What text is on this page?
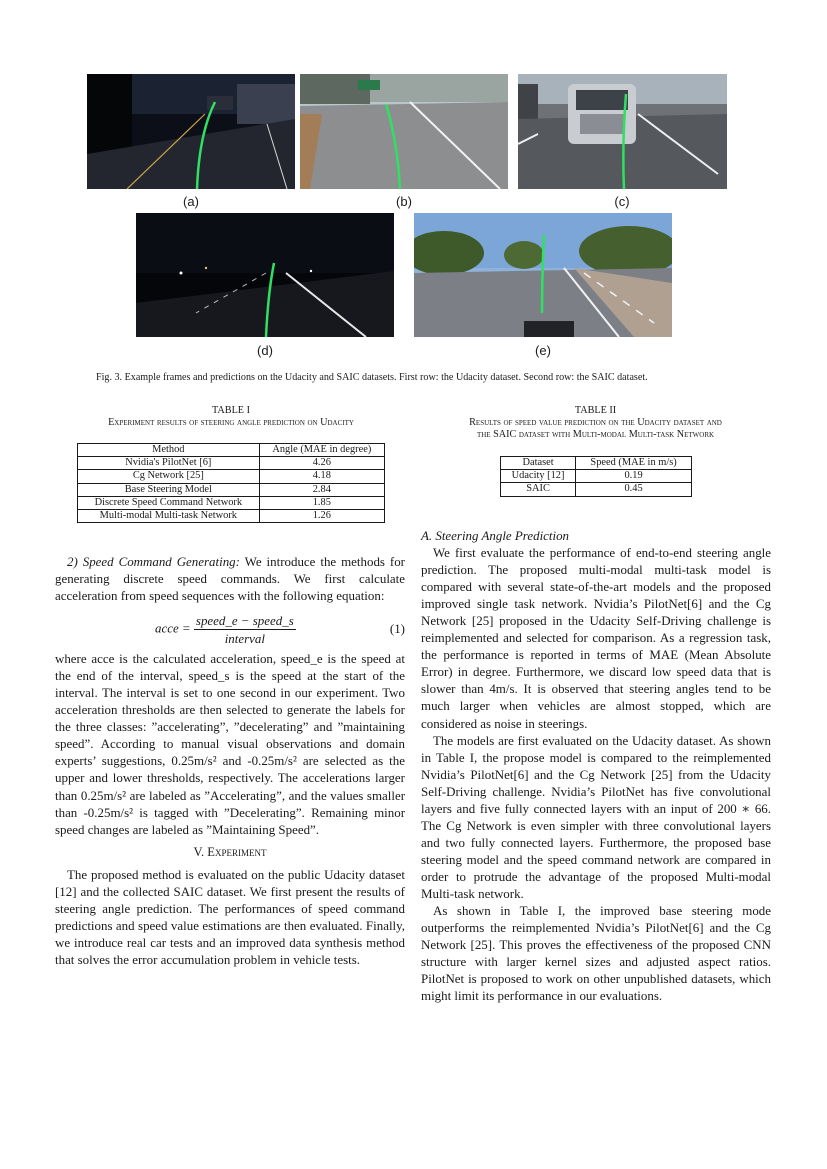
(a)	(b)	(c)
(d)	(e)
Fig. 3. Example frames and predictions on the Udacity and SAIC datasets. First row: the Udacity dataset. Second row: the SAIC dataset.
TABLE I
Experiment results of steering angle prediction on Udacity
Method	Angle (MAE in degree)
Nvidia's PilotNet [6]	4.26
Cg Network [25]	4.18
Base Steering Model	2.84
Discrete Speed Command Network	1.85
Multi-modal Multi-task Network	1.26
TABLE II
Results of speed value prediction on the Udacity dataset and
the SAIC dataset with Multi-modal Multi-task Network
Dataset	Speed (MAE in m/s)
Udacity [12]	0.19
SAIC	0.45

2) Speed Command Generating: We introduce the methods for generating discrete speed commands. We first calculate acceleration from speed sequences with the following equation:

acce = $\frac{\text{speed\_e − speed\_s}}{\text{interval}}$	(1)

where acce is the calculated acceleration, speed_e is the speed at the end of the interval, speed_s is the speed at the start of the interval. The interval is set to one second in our experiment. Two acceleration thresholds are then selected to generate the labels for the three classes: ”accelerating”, ”decelerating” and ”maintaining speed”. According to manual visual observations and domain experts’ suggestions, 0.25m/s² and -0.25m/s² are selected as the upper and lower thresholds, respectively. The accelerations larger than 0.25m/s² are labeled as ”Accelerating”, and the values smaller than -0.25m/s² is tagged with ”Decelerating”. Remaining minor speed changes are labeled as ”Maintaining Speed”.

V. Experiment

The proposed method is evaluated on the public Udacity dataset [12] and the collected SAIC dataset. We first present the results of steering angle prediction. The performances of speed command predictions and speed value estimations are then evaluated. Finally, we introduce real car tests and an improved data synthesis method that solves the error accumulation problem in vehicle tests.

A. Steering Angle Prediction

We first evaluate the performance of end-to-end steering angle prediction. The proposed multi-modal multi-task model is compared with several state-of-the-art models and the proposed improved single task network. Nvidia’s PilotNet[6] and the Cg Network [25] proposed in the Udacity Self-Driving challenge is reimplemented and selected for comparison. As a regression task, the performance is reported in terms of MAE (Mean Absolute Error) in degree. Furthermore, we discard low speed data that is slower than 4m/s. It is observed that steering angles tend to be much larger when vehicles are almost stopped, which are considered as noise in steerings.

The models are first evaluated on the Udacity dataset. As shown in Table I, the propose model is compared to the reimplemented Nvidia’s PilotNet[6] and the Cg Network [25] from the Udacity Self-Driving challenge. Nvidia’s PilotNet has five convolutional layers and five fully connected layers with an input of 200 ∗ 66. The Cg Network is even simpler with three convolutional layers and two fully connected layers. Furthermore, the proposed base steering model and the speed command network are compared in order to protrude the advantage of the proposed Multi-modal Multi-task network.

As shown in Table I, the improved base steering mode outperforms the reimplemented Nvidia’s PilotNet[6] and the Cg Network [25]. This proves the effectiveness of the proposed CNN structure with larger kernel sizes and adjusted aspect ratios. PilotNet is proposed to work on other unpublished datasets, which might limit its performance in our evaluations.
